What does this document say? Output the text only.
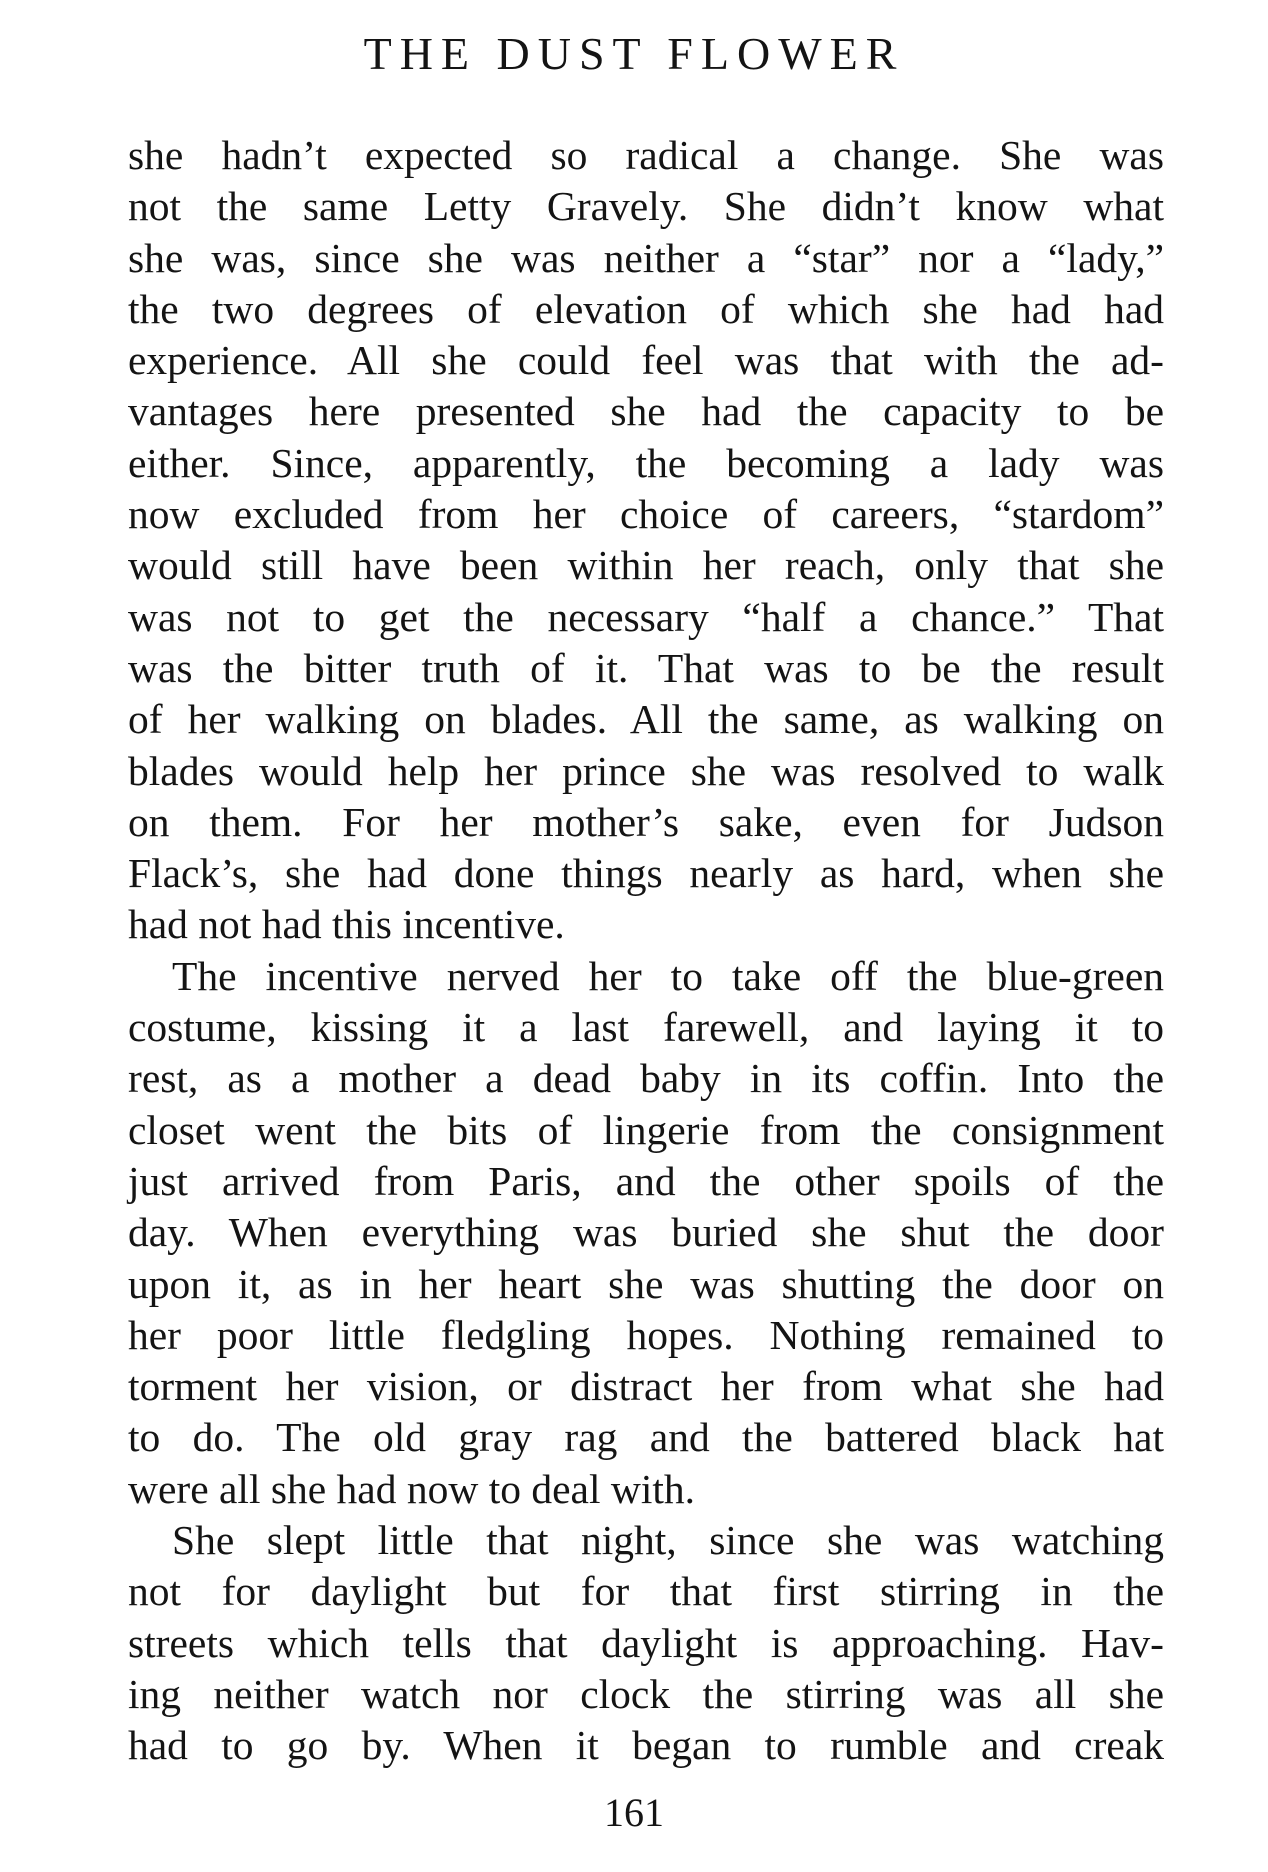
THE DUST FLOWER

she hadn’t expected so radical a change. She was
not the same Letty Gravely. She didn’t know what
she was, since she was neither a “star” nor a “lady,”
the two degrees of elevation of which she had had
experience. All she could feel was that with the ad-
vantages here presented she had the capacity to be
either. Since, apparently, the becoming a lady was
now excluded from her choice of careers, “stardom”
would still have been within her reach, only that she
was not to get the necessary “half a chance.” That
was the bitter truth of it. That was to be the result
of her walking on blades. All the same, as walking on
blades would help her prince she was resolved to walk
on them. For her mother’s sake, even for Judson
Flack’s, she had done things nearly as hard, when she
had not had this incentive.

The incentive nerved her to take off the blue-green
costume, kissing it a last farewell, and laying it to
rest, as a mother a dead baby in its coffin. Into the
closet went the bits of lingerie from the consignment
just arrived from Paris, and the other spoils of the
day. When everything was buried she shut the door
upon it, as in her heart she was shutting the door on
her poor little fledgling hopes. Nothing remained to
torment her vision, or distract her from what she had
to do. The old gray rag and the battered black hat
were all she had now to deal with.

She slept little that night, since she was watching
not for daylight but for that first stirring in the
streets which tells that daylight is approaching. Hav-
ing neither watch nor clock the stirring was all she
had to go by. When it began to rumble and creak

161
